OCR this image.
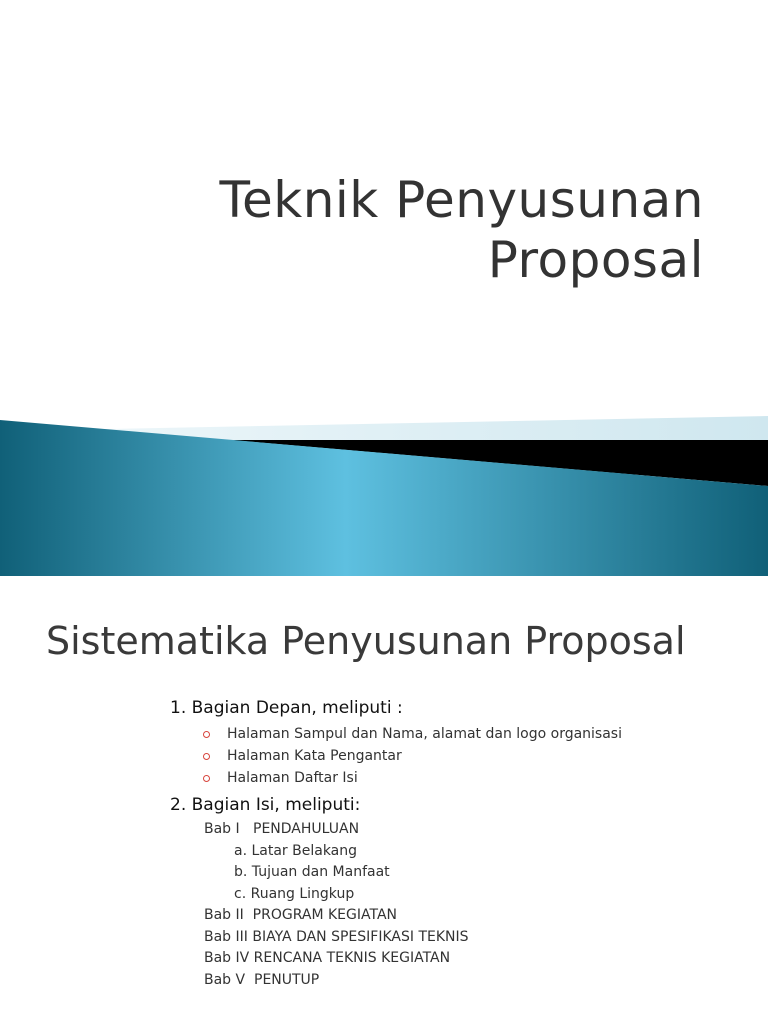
Teknik Penyusunan
Proposal
Sistematika Penyusunan Proposal
1. Bagian Depan, meliputi :
Halaman Sampul dan Nama, alamat dan logo organisasi
Halaman Kata Pengantar
Halaman Daftar Isi
2. Bagian Isi, meliputi:
Bab I   PENDAHULUAN
a. Latar Belakang
b. Tujuan dan Manfaat
c. Ruang Lingkup
Bab II  PROGRAM KEGIATAN
Bab III BIAYA DAN SPESIFIKASI TEKNIS
Bab IV RENCANA TEKNIS KEGIATAN
Bab V  PENUTUP
